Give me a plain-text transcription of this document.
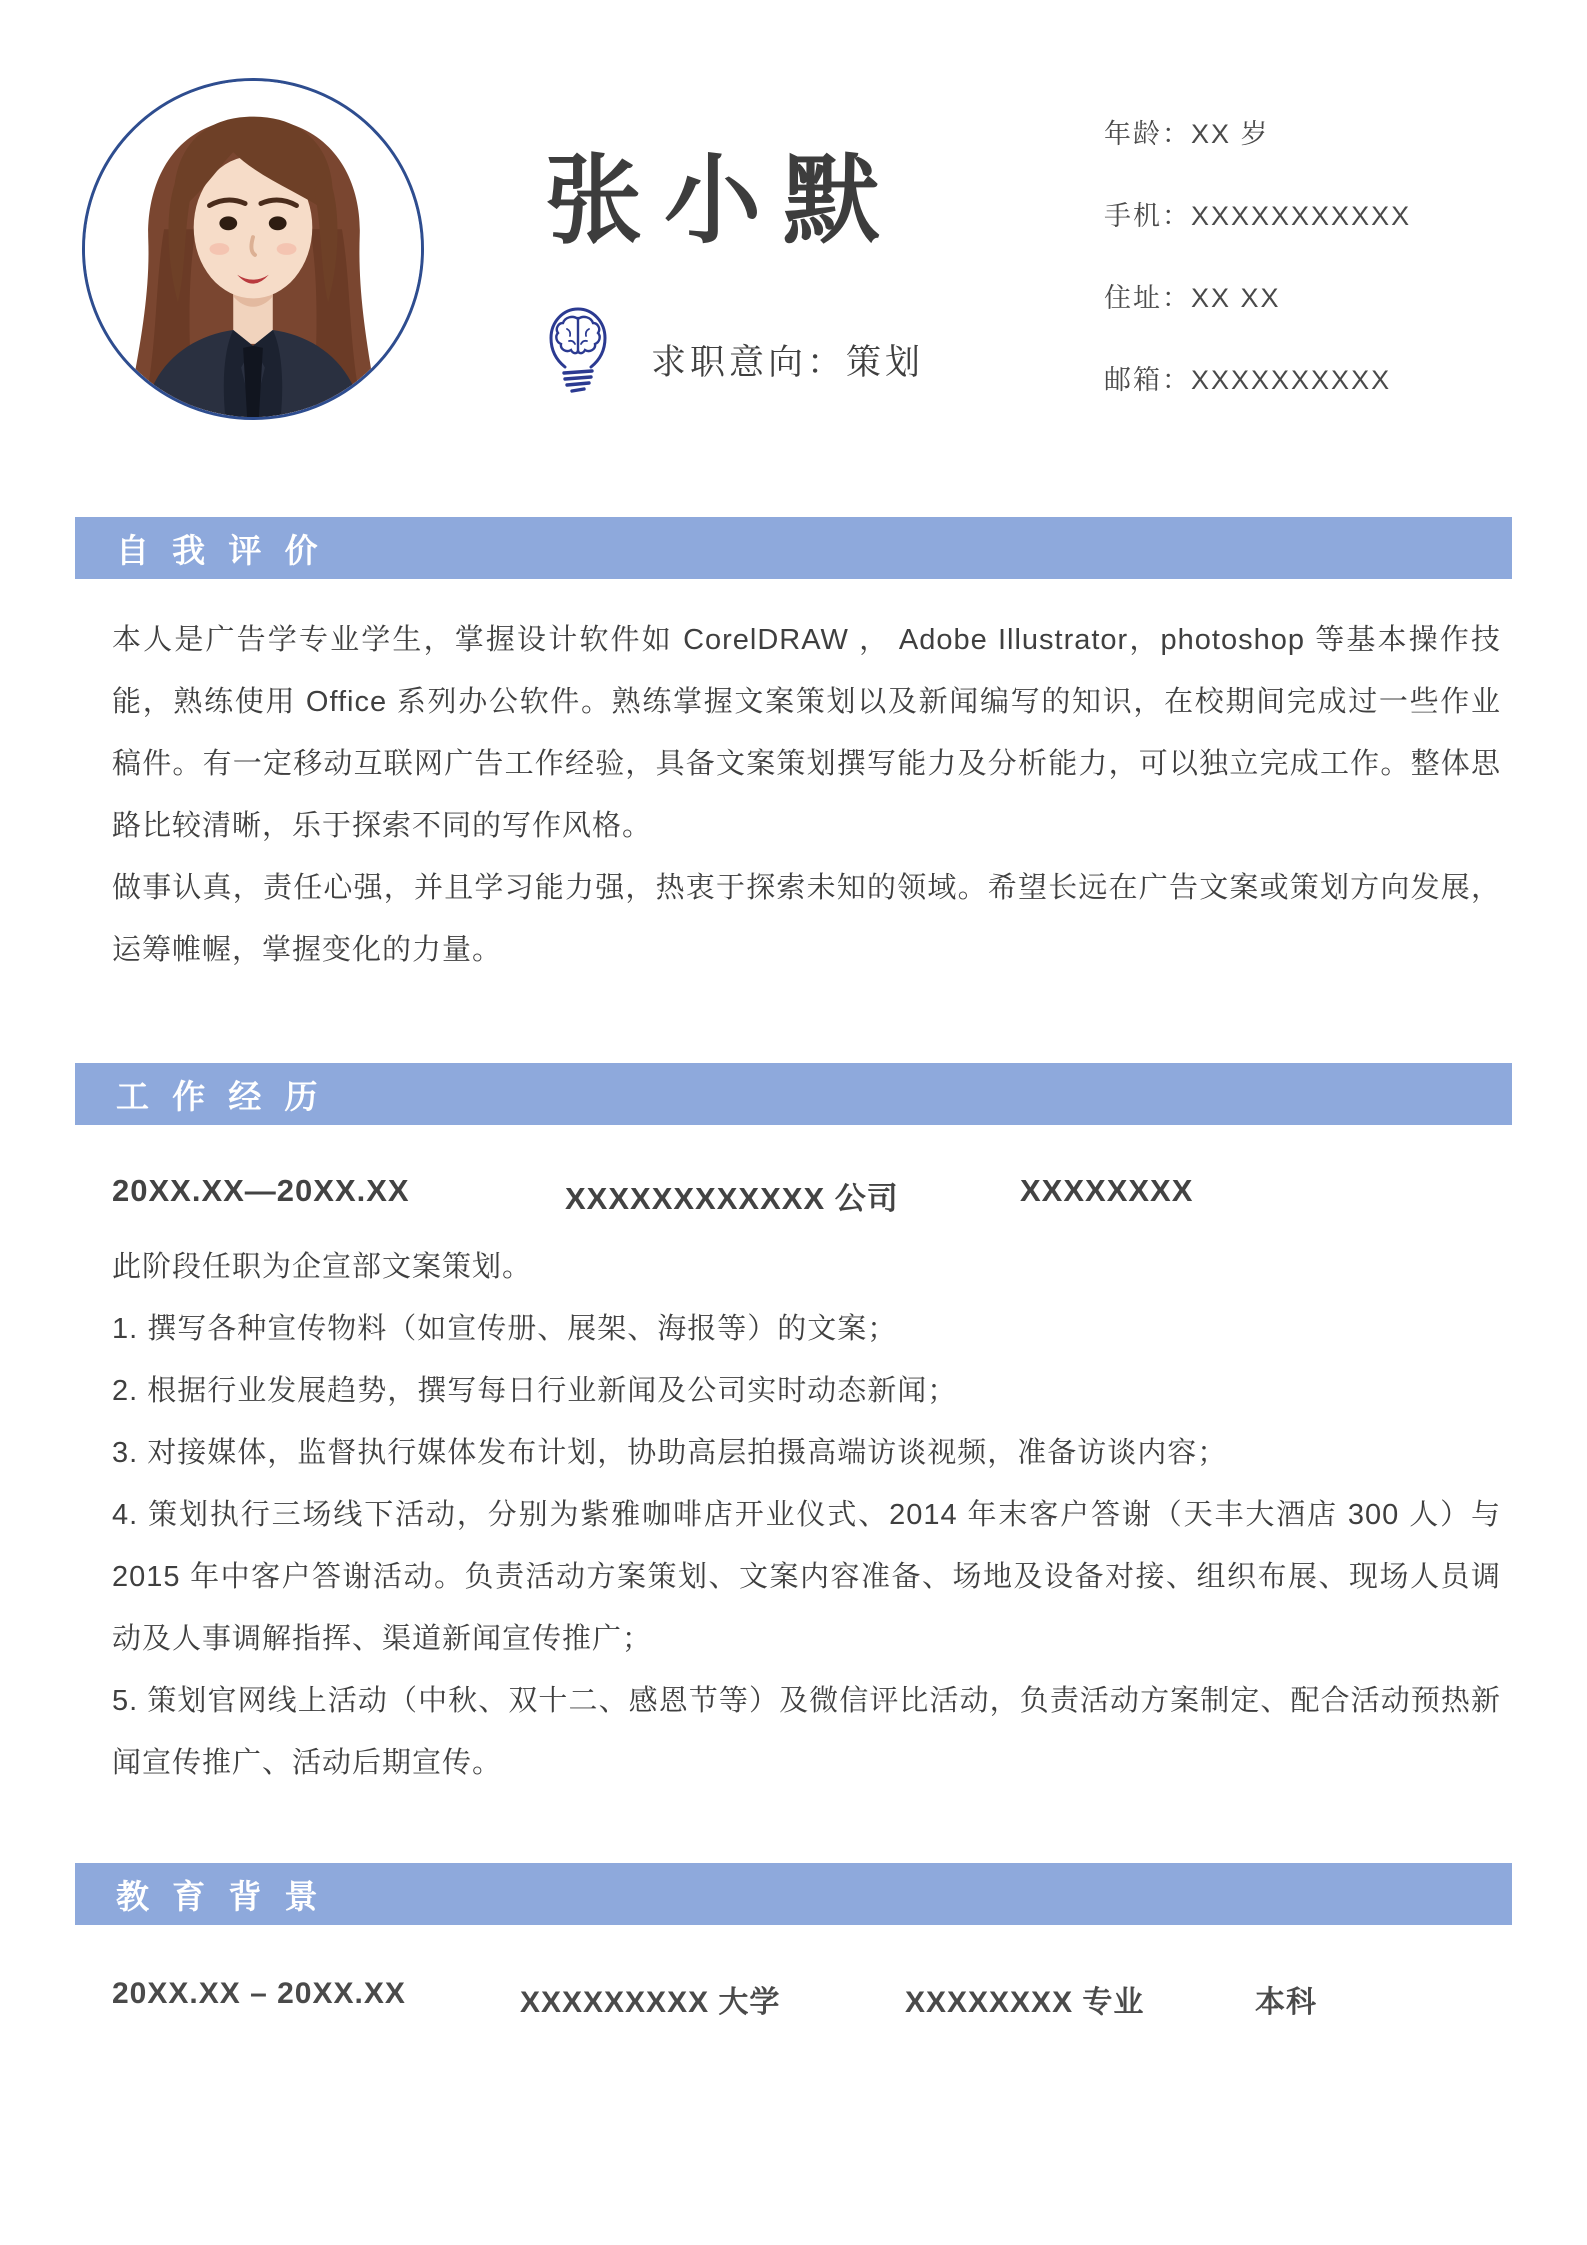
张小默
求职意向：策划
年龄：XX 岁
手机：XXXXXXXXXXX
住址：XX XX
邮箱：XXXXXXXXXX
自 我 评 价

本人是广告学专业学生，掌握设计软件如 CorelDRAW ， Adobe Illustrator，photoshop 等基本操作技能，熟练使用 Office 系列办公软件。熟练掌握文案策划以及新闻编写的知识，在校期间完成过一些作业稿件。有一定移动互联网广告工作经验，具备文案策划撰写能力及分析能力，可以独立完成工作。整体思路比较清晰，乐于探索不同的写作风格。

做事认真，责任心强，并且学习能力强，热衷于探索未知的领域。希望长远在广告文案或策划方向发展，运筹帷幄，掌握变化的力量。

工 作 经 历
20XX.XX—20XX.XX	XXXXXXXXXXXX 公司	XXXXXXXX

此阶段任职为企宣部文案策划。

1. 撰写各种宣传物料（如宣传册、展架、海报等）的文案；

2. 根据行业发展趋势，撰写每日行业新闻及公司实时动态新闻；

3. 对接媒体，监督执行媒体发布计划，协助高层拍摄高端访谈视频，准备访谈内容；

4. 策划执行三场线下活动，分别为紫雅咖啡店开业仪式、2014 年末客户答谢（天丰大酒店 300 人）与 2015 年中客户答谢活动。负责活动方案策划、文案内容准备、场地及设备对接、组织布展、现场人员调动及人事调解指挥、渠道新闻宣传推广；

5. 策划官网线上活动（中秋、双十二、感恩节等）及微信评比活动，负责活动方案制定、配合活动预热新闻宣传推广、活动后期宣传。

教 育 背 景
20XX.XX – 20XX.XX	XXXXXXXXX 大学	XXXXXXXX 专业	本科
